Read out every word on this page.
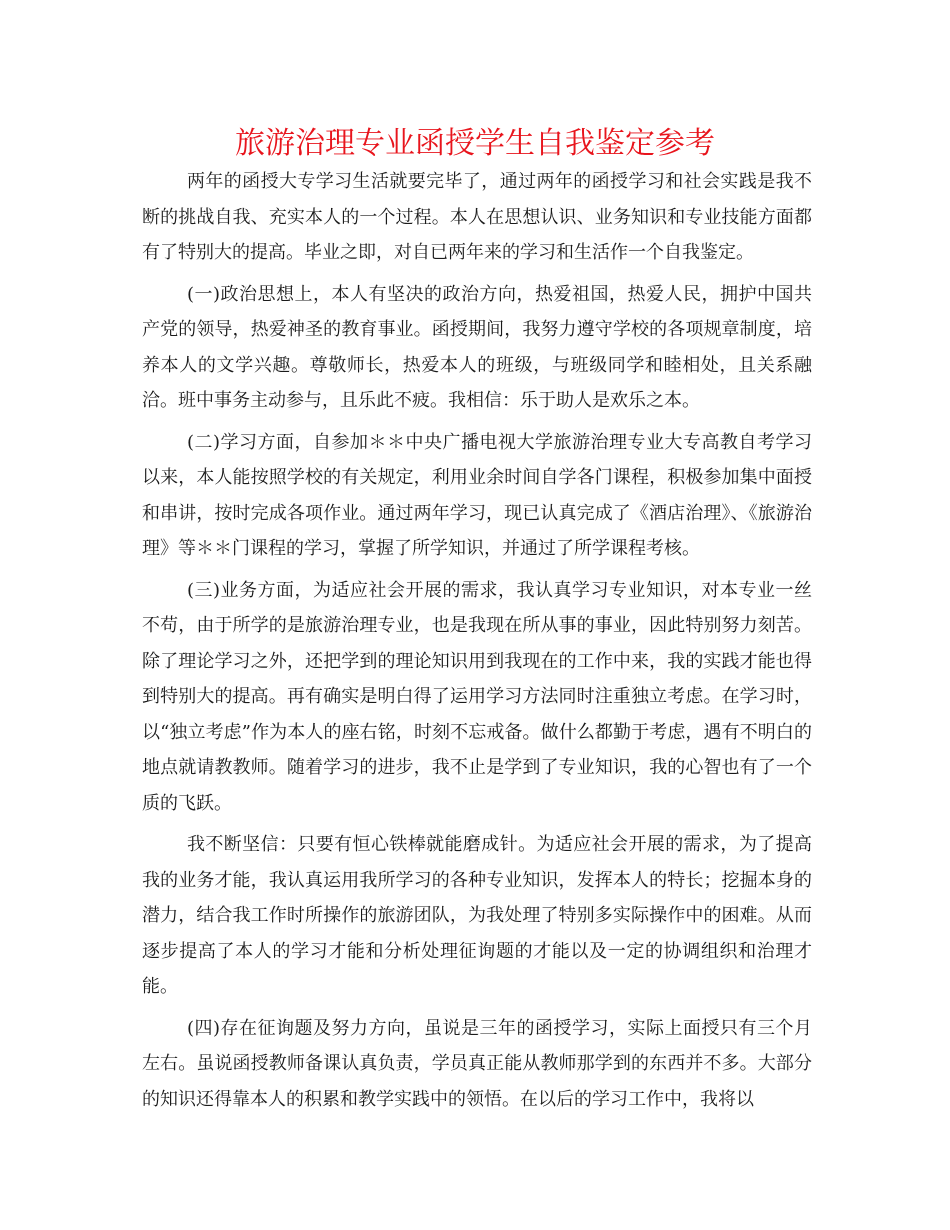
旅游治理专业函授学生自我鉴定参考

两年的函授大专学习生活就要完毕了，通过两年的函授学习和社会实践是我不断的挑战自我、充实本人的一个过程。本人在思想认识、业务知识和专业技能方面都有了特别大的提高。毕业之即，对自已两年来的学习和生活作一个自我鉴定。

(一)政治思想上，本人有坚决的政治方向，热爱祖国，热爱人民，拥护中国共产党的领导，热爱神圣的教育事业。函授期间，我努力遵守学校的各项规章制度，培养本人的文学兴趣。尊敬师长，热爱本人的班级，与班级同学和睦相处，且关系融洽。班中事务主动参与，且乐此不疲。我相信：乐于助人是欢乐之本。

(二)学习方面，自参加＊＊中央广播电视大学旅游治理专业大专高教自考学习以来，本人能按照学校的有关规定，利用业余时间自学各门课程，积极参加集中面授和串讲，按时完成各项作业。通过两年学习，现已认真完成了《酒店治理》、《旅游治理》等＊＊门课程的学习，掌握了所学知识，并通过了所学课程考核。

(三)业务方面，为适应社会开展的需求，我认真学习专业知识，对本专业一丝不苟，由于所学的是旅游治理专业，也是我现在所从事的事业，因此特别努力刻苦。除了理论学习之外，还把学到的理论知识用到我现在的工作中来，我的实践才能也得到特别大的提高。再有确实是明白得了运用学习方法同时注重独立考虑。在学习时，以“独立考虑”作为本人的座右铭，时刻不忘戒备。做什么都勤于考虑，遇有不明白的地点就请教教师。随着学习的进步，我不止是学到了专业知识，我的心智也有了一个质的飞跃。

我不断坚信：只要有恒心铁棒就能磨成针。为适应社会开展的需求，为了提高我的业务才能，我认真运用我所学习的各种专业知识，发挥本人的特长；挖掘本身的潜力，结合我工作时所操作的旅游团队，为我处理了特别多实际操作中的困难。从而逐步提高了本人的学习才能和分析处理征询题的才能以及一定的协调组织和治理才能。

(四)存在征询题及努力方向，虽说是三年的函授学习，实际上面授只有三个月左右。虽说函授教师备课认真负责，学员真正能从教师那学到的东西并不多。大部分的知识还得靠本人的积累和教学实践中的领悟。在以后的学习工作中，我将以
